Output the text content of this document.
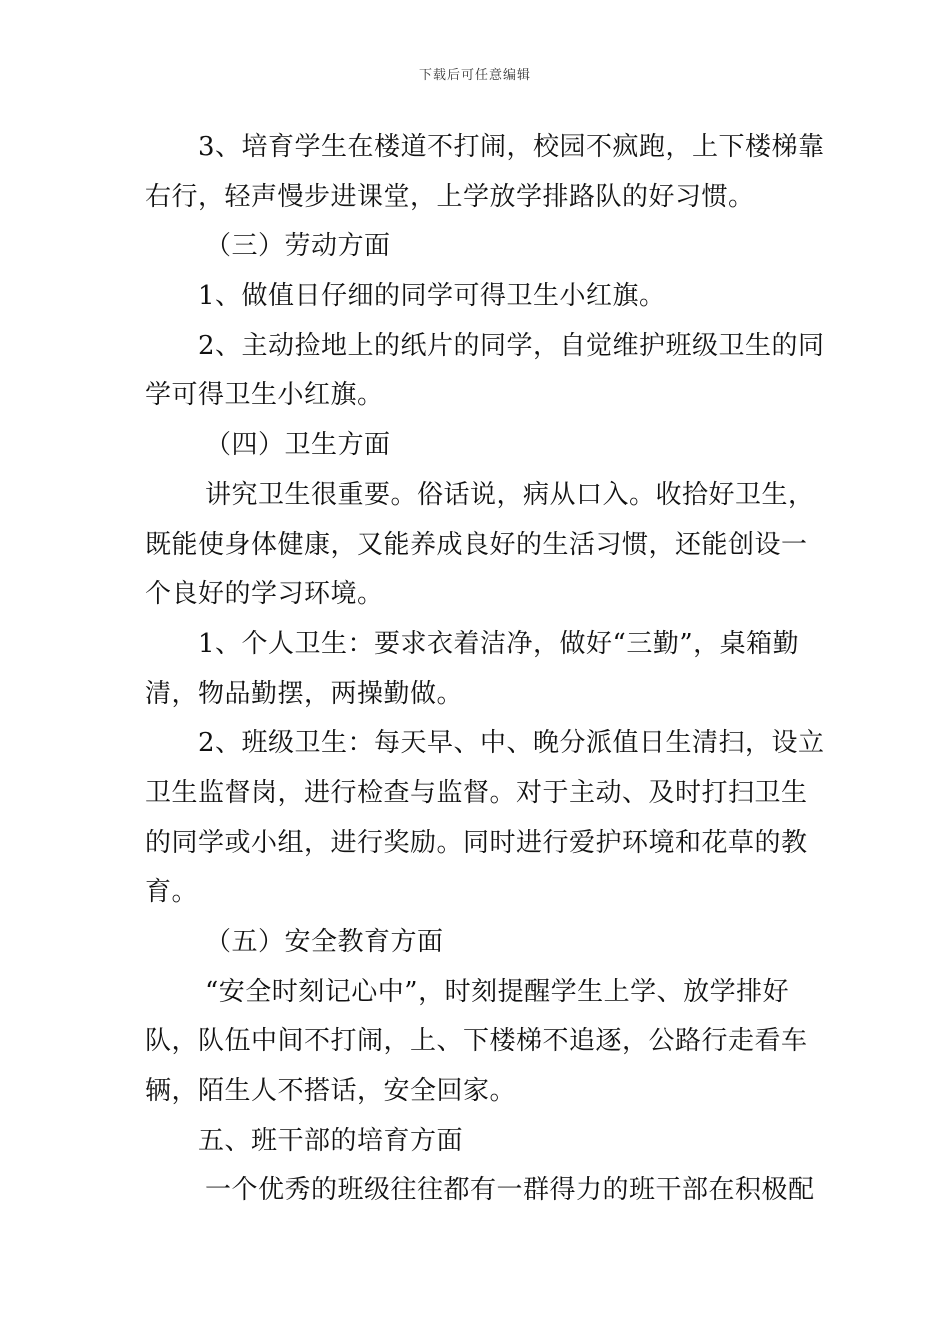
下载后可任意编辑
3、培育学生在楼道不打闹，校园不疯跑，上下楼梯靠
右行，轻声慢步进课堂，上学放学排路队的好习惯。
（三）劳动方面
1、做值日仔细的同学可得卫生小红旗。
2、主动捡地上的纸片的同学，自觉维护班级卫生的同
学可得卫生小红旗。
（四）卫生方面
讲究卫生很重要。俗话说，病从口入。收拾好卫生，
既能使身体健康，又能养成良好的生活习惯，还能创设一
个良好的学习环境。
1、个人卫生：要求衣着洁净，做好“三勤”，桌箱勤
清，物品勤摆，两操勤做。
2、班级卫生：每天早、中、晚分派值日生清扫，设立
卫生监督岗，进行检查与监督。对于主动、及时打扫卫生
的同学或小组，进行奖励。同时进行爱护环境和花草的教
育。
（五）安全教育方面
“安全时刻记心中”，时刻提醒学生上学、放学排好
队，队伍中间不打闹，上、下楼梯不追逐，公路行走看车
辆，陌生人不搭话，安全回家。
五、班干部的培育方面
一个优秀的班级往往都有一群得力的班干部在积极配
